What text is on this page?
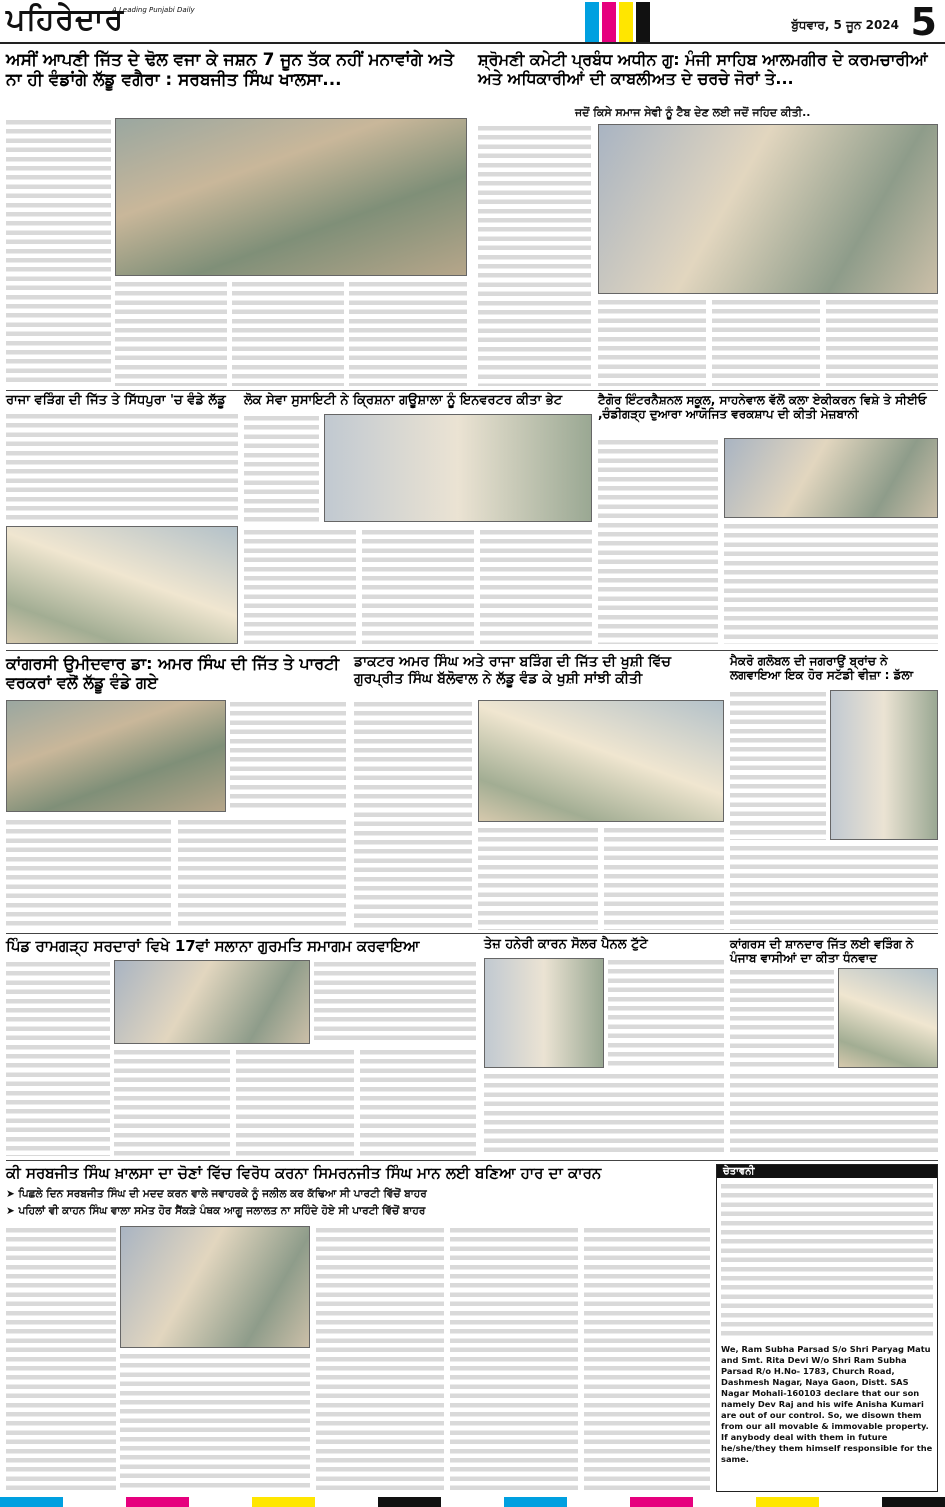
ਪਹਿਰੇਦਾਰ
A Leading Punjabi Daily
ਬੁੱਧਵਾਰ, 5 ਜੂਨ 2024 5
ਅਸੀਂ ਆਪਣੀ ਜਿੱਤ ਦੇ ਢੋਲ ਵਜਾ ਕੇ ਜਸ਼ਨ 7 ਜੂਨ ਤੱਕ ਨਹੀਂ ਮਨਾਵਾਂਗੇ ਅਤੇ ਨਾ ਹੀ ਵੰਡਾਂਗੇ ਲੱਡੂ ਵਗੈਰਾ : ਸਰਬਜੀਤ ਸਿੰਘ ਖਾਲਸਾ...
ਸ਼੍ਰੋਮਣੀ ਕਮੇਟੀ ਪ੍ਰਬੰਧ ਅਧੀਨ ਗੁ: ਮੰਜੀ ਸਾਹਿਬ ਆਲਮਗੀਰ ਦੇ ਕਰਮਚਾਰੀਆਂ ਅਤੇ ਅਧਿਕਾਰੀਆਂ ਦੀ ਕਾਬਲੀਅਤ ਦੇ ਚਰਚੇ ਜੋਰਾਂ ਤੇ...
ਜਦੋਂ ਕਿਸੇ ਸਮਾਜ ਸੇਵੀ ਨੂੰ ਟੈਬ ਦੇਣ ਲਈ ਜਦੋਂ ਜਹਿਦ ਕੀਤੀ..
ਰਾਜਾ ਵੜਿੰਗ ਦੀ ਜਿੱਤ ਤੇ ਸਿੱਧਪੁਰਾ 'ਚ ਵੰਡੇ ਲੱਡੂ	ਲੋਕ ਸੇਵਾ ਸੁਸਾਇਟੀ ਨੇ ਕ੍ਰਿਸ਼ਨਾ ਗਊਸ਼ਾਲਾ ਨੂੰ ਇਨਵਰਟਰ ਕੀਤਾ ਭੇਟ	ਟੈਗੋਰ ਇੰਟਰਨੈਸ਼ਨਲ ਸਕੂਲ, ਸਾਹਨੇਵਾਲ ਵੱਲੋਂ ਕਲਾ ਏਕੀਕਰਨ ਵਿਸ਼ੇ ਤੇ ਸੀਈਓ ,ਚੰਡੀਗੜ੍ਹ ਦੁਆਰਾ ਆਯੋਜਿਤ ਵਰਕਸ਼ਾਪ ਦੀ ਕੀਤੀ ਮੇਜ਼ਬਾਨੀ
ਕਾਂਗਰਸੀ ਉਮੀਦਵਾਰ ਡਾ: ਅਮਰ ਸਿੰਘ ਦੀ ਜਿੱਤ ਤੇ ਪਾਰਟੀ ਵਰਕਰਾਂ ਵਲੋਂ ਲੱਡੂ ਵੰਡੇ ਗਏ
ਡਾਕਟਰ ਅਮਰ ਸਿੰਘ ਅਤੇ ਰਾਜਾ ਬੜਿੰਗ ਦੀ ਜਿੱਤ ਦੀ ਖੁਸ਼ੀ ਵਿੱਚ ਗੁਰਪ੍ਰੀਤ ਸਿੰਘ ਬੱਲੋਵਾਲ ਨੇ ਲੱਡੂ ਵੰਡ ਕੇ ਖੁਸ਼ੀ ਸਾਂਝੀ ਕੀਤੀ
ਮੈਕਰੋ ਗਲੋਬਲ ਦੀ ਜਗਰਾਉਂ ਬ੍ਰਾਂਚ ਨੇ ਲਗਵਾਇਆ ਇਕ ਹੋਰ ਸਟੱਡੀ ਵੀਜ਼ਾ : ਡੱਲਾ
ਪਿੰਡ ਰਾਮਗੜ੍ਹ ਸਰਦਾਰਾਂ ਵਿਖੇ 17ਵਾਂ ਸਲਾਨਾ ਗੁਰਮਤਿ ਸਮਾਗਮ ਕਰਵਾਇਆ	ਤੇਜ਼ ਹਨੇਰੀ ਕਾਰਨ ਸੋਲਰ ਪੈਨਲ ਟੁੱਟੇ	ਕਾਂਗਰਸ ਦੀ ਸ਼ਾਨਦਾਰ ਜਿੱਤ ਲਈ ਵੜਿੰਗ ਨੇ ਪੰਜਾਬ ਵਾਸੀਆਂ ਦਾ ਕੀਤਾ ਧੰਨਵਾਦ
ਕੀ ਸਰਬਜੀਤ ਸਿੰਘ ਖ਼ਾਲਸਾ ਦਾ ਚੋਣਾਂ ਵਿੱਚ ਵਿਰੋਧ ਕਰਨਾ ਸਿਮਰਨਜੀਤ ਸਿੰਘ ਮਾਨ ਲਈ ਬਣਿਆ ਹਾਰ ਦਾ ਕਾਰਨ
➤ ਪਿਛਲੇ ਦਿਨ ਸਰਬਜੀਤ ਸਿੰਘ ਦੀ ਮਦਦ ਕਰਨ ਵਾਲੇ ਜਵਾਹਰਕੇ ਨੂੰ ਜਲੀਲ ਕਰ ਕੱਢਿਆ ਸੀ ਪਾਰਟੀ ਵਿੱਚੋਂ ਬਾਹਰ
➤ ਪਹਿਲਾਂ ਵੀ ਕਾਹਨ ਸਿੰਘ ਵਾਲਾ ਸਮੇਤ ਹੋਰ ਸੈਂਕੜੇ ਪੰਥਕ ਆਗੂ ਜਲਾਲਤ ਨਾ ਸਹਿੰਦੇ ਹੋਏ ਸੀ ਪਾਰਟੀ ਵਿੱਚੋਂ ਬਾਹਰ
ਚੇਤਾਵਨੀ
We, Ram Subha Parsad S/o Shri Paryag Matu and Smt. Rita Devi W/o Shri Ram Subha Parsad R/o H.No- 1783, Church Road, Dashmesh Nagar, Naya Gaon, Distt. SAS Nagar Mohali-160103 declare that our son namely Dev Raj and his wife Anisha Kumari are out of our control. So, we disown them from our all movable & immovable property. If anybody deal with them in future he/she/they them himself responsible for the same.
